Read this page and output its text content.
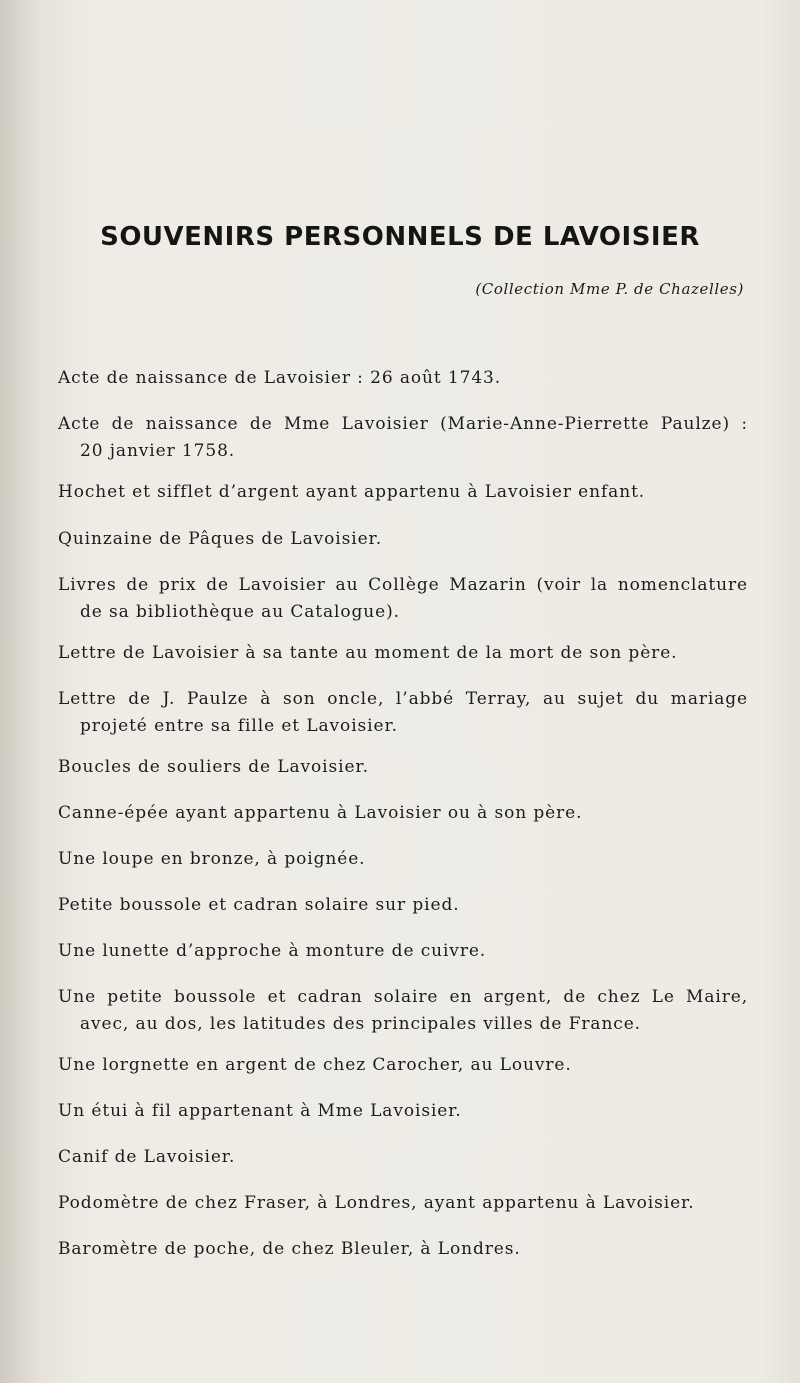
SOUVENIRS PERSONNELS DE LAVOISIER
(Collection Mme P. de Chazelles)
Acte de naissance de Lavoisier : 26 août 1743.
Acte de naissance de Mme Lavoisier (Marie-Anne-Pierrette Paulze) :
20 janvier 1758.
Hochet et sifflet d’argent ayant appartenu à Lavoisier enfant.
Quinzaine de Pâques de Lavoisier.
Livres de prix de Lavoisier au Collège Mazarin (voir la nomenclature
de sa bibliothèque au Catalogue).
Lettre de Lavoisier à sa tante au moment de la mort de son père.
Lettre de J. Paulze à son oncle, l’abbé Terray, au sujet du mariage
projeté entre sa fille et Lavoisier.
Boucles de souliers de Lavoisier.
Canne-épée ayant appartenu à Lavoisier ou à son père.
Une loupe en bronze, à poignée.
Petite boussole et cadran solaire sur pied.
Une lunette d’approche à monture de cuivre.
Une petite boussole et cadran solaire en argent, de chez Le Maire,
avec, au dos, les latitudes des principales villes de France.
Une lorgnette en argent de chez Carocher, au Louvre.
Un étui à fil appartenant à Mme Lavoisier.
Canif de Lavoisier.
Podomètre de chez Fraser, à Londres, ayant appartenu à Lavoisier.
Baromètre de poche, de chez Bleuler, à Londres.
